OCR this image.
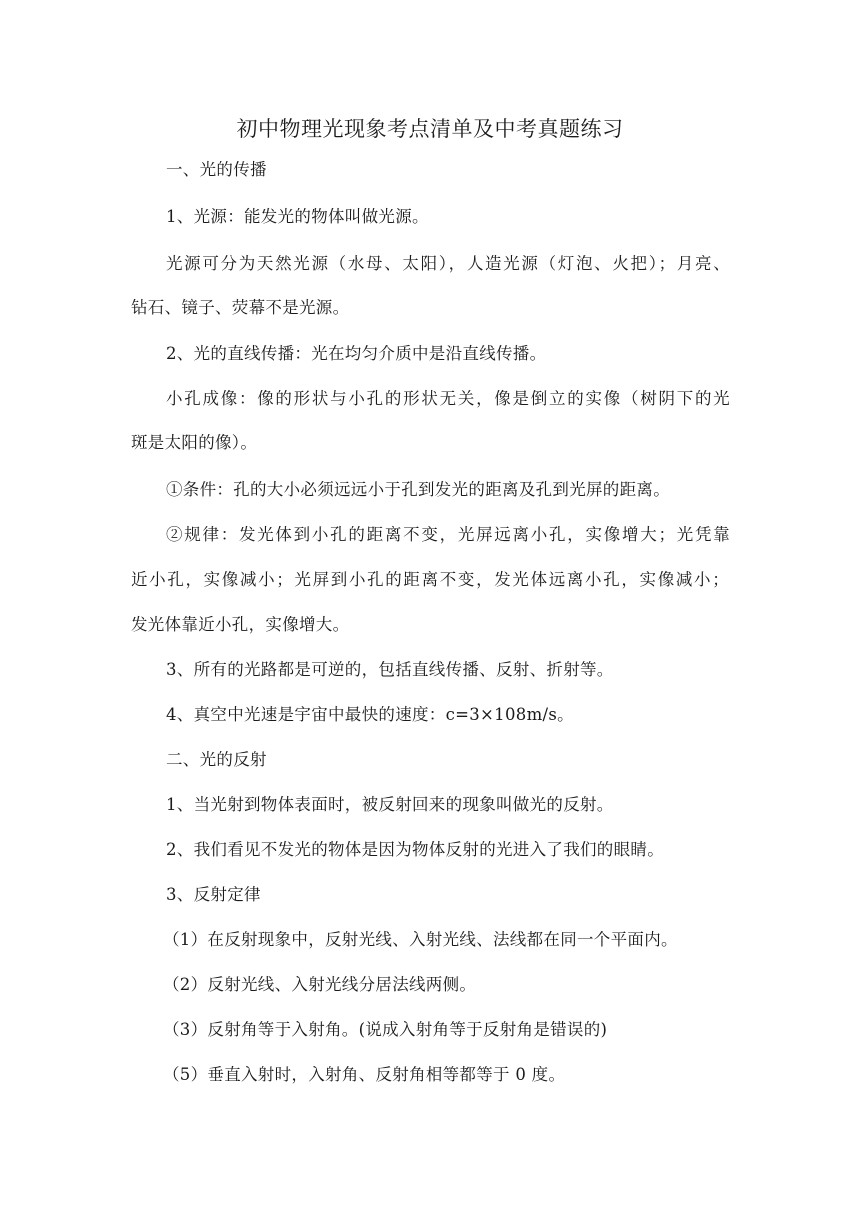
初中物理光现象考点清单及中考真题练习
一、光的传播
1、光源：能发光的物体叫做光源。
光源可分为天然光源（水母、太阳），人造光源（灯泡、火把）；月亮、
钻石、镜子、荧幕不是光源。
2、光的直线传播：光在均匀介质中是沿直线传播。
小孔成像：像的形状与小孔的形状无关，像是倒立的实像（树阴下的光
斑是太阳的像）。
①条件：孔的大小必须远远小于孔到发光的距离及孔到光屏的距离。
②规律：发光体到小孔的距离不变，光屏远离小孔，实像增大；光凭靠
近小孔，实像减小；光屏到小孔的距离不变，发光体远离小孔，实像减小；
发光体靠近小孔，实像增大。
3、所有的光路都是可逆的，包括直线传播、反射、折射等。
4、真空中光速是宇宙中最快的速度：c=3×108m/s。
二、光的反射
1、当光射到物体表面时，被反射回来的现象叫做光的反射。
2、我们看见不发光的物体是因为物体反射的光进入了我们的眼睛。
3、反射定律
（1）在反射现象中，反射光线、入射光线、法线都在同一个平面内。
（2）反射光线、入射光线分居法线两侧。
（3）反射角等于入射角。(说成入射角等于反射角是错误的)
（5）垂直入射时，入射角、反射角相等都等于 0 度。
